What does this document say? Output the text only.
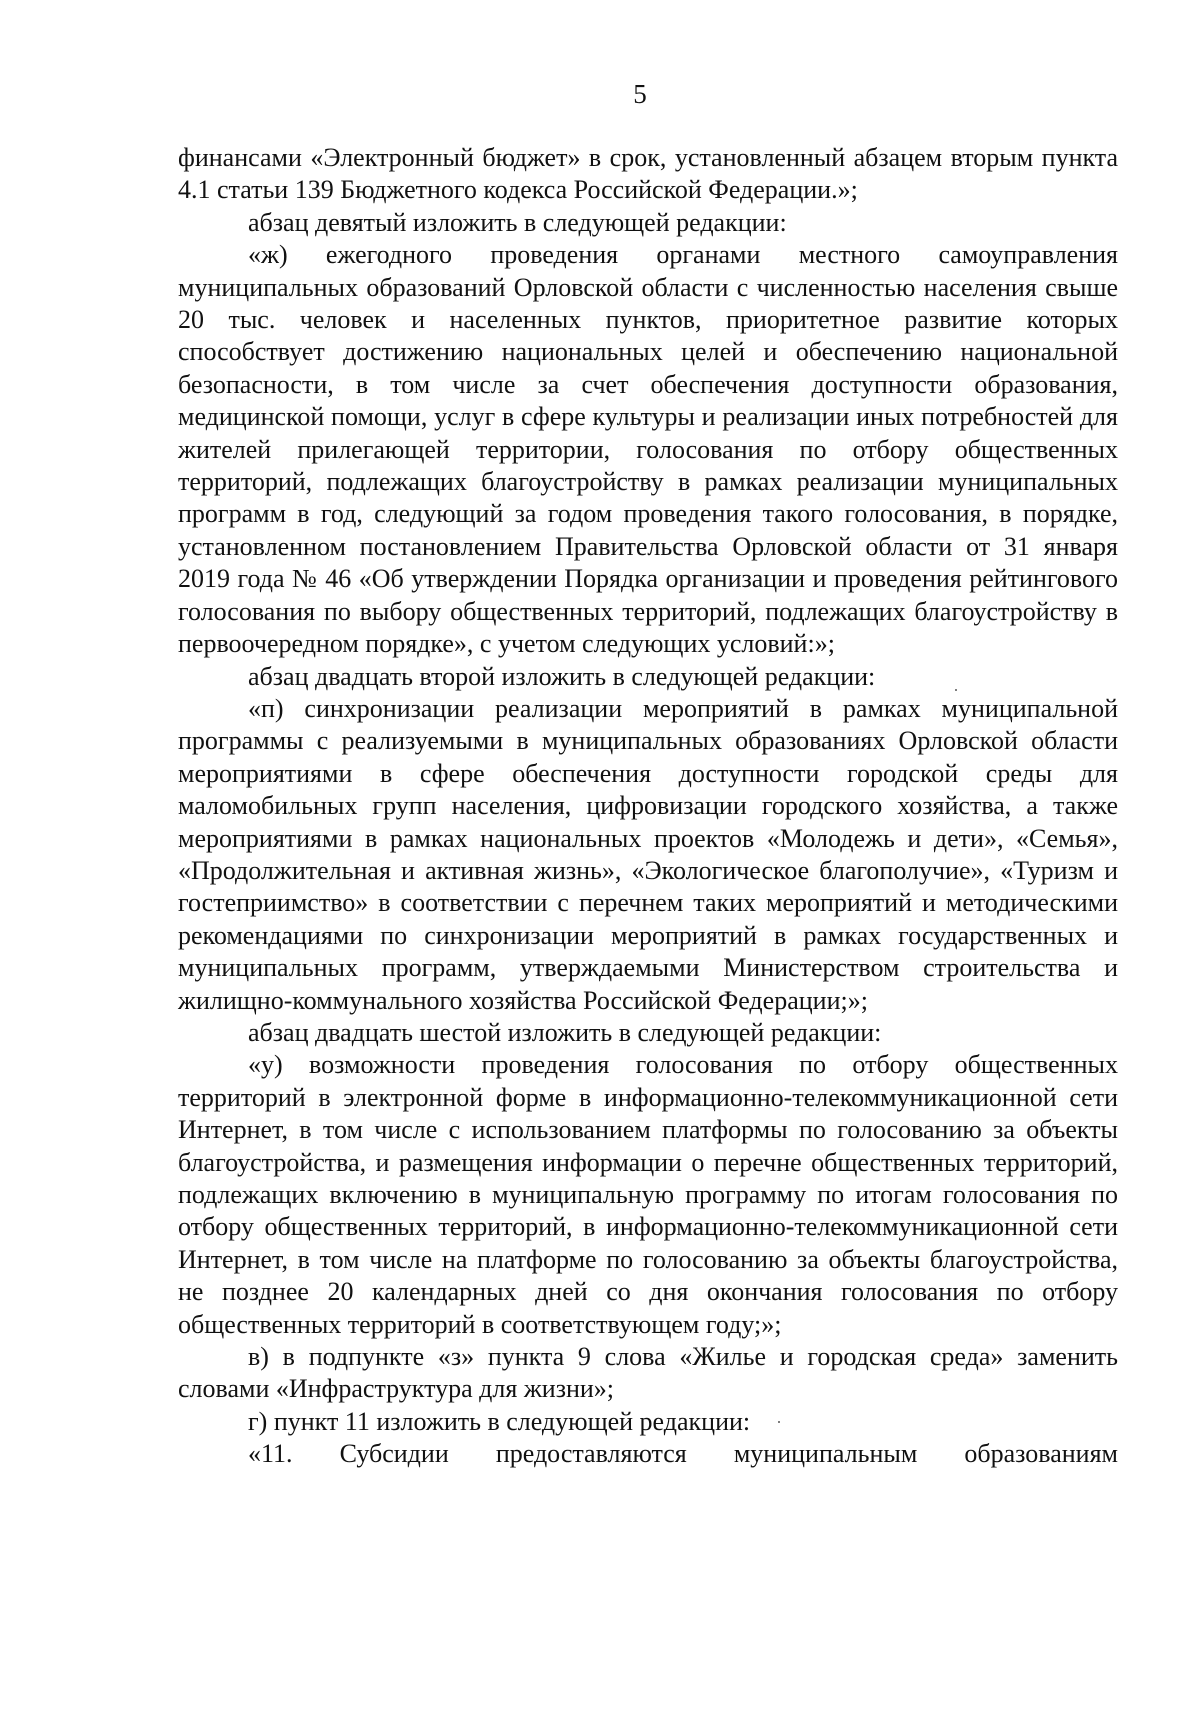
5

финансами «Электронный бюджет» в срок, установленный абзацем вторым пункта 4.1 статьи 139 Бюджетного кодекса Российской Федерации.»;

абзац девятый изложить в следующей редакции:

«ж) ежегодного проведения органами местного самоуправления муниципальных образований Орловской области с численностью населения свыше 20 тыс. человек и населенных пунктов, приоритетное развитие которых способствует достижению национальных целей и обеспечению национальной безопасности, в том числе за счет обеспечения доступности образования, медицинской помощи, услуг в сфере культуры и реализации иных потребностей для жителей прилегающей территории, голосования по отбору общественных территорий, подлежащих благоустройству в рамках реализации муниципальных программ в год, следующий за годом проведения такого голосования, в порядке, установленном постановлением Правительства Орловской области от 31 января 2019 года № 46 «Об утверждении Порядка организации и проведения рейтингового голосования по выбору общественных территорий, подлежащих благоустройству в первоочередном порядке», с учетом следующих условий:»;

абзац двадцать второй изложить в следующей редакции:

«п) синхронизации реализации мероприятий в рамках муниципальной программы с реализуемыми в муниципальных образованиях Орловской области мероприятиями в сфере обеспечения доступности городской среды для маломобильных групп населения, цифровизации городского хозяйства, а также мероприятиями в рамках национальных проектов «Молодежь и дети», «Семья», «Продолжительная и активная жизнь», «Экологическое благополучие», «Туризм и гостеприимство» в соответствии с перечнем таких мероприятий и методическими рекомендациями по синхронизации мероприятий в рамках государственных и муниципальных программ, утверждаемыми Министерством строительства и жилищно-коммунального хозяйства Российской Федерации;»;

абзац двадцать шестой изложить в следующей редакции:

«у) возможности проведения голосования по отбору общественных территорий в электронной форме в информационно-телекоммуникационной сети Интернет, в том числе с использованием платформы по голосованию за объекты благоустройства, и размещения информации о перечне общественных территорий, подлежащих включению в муниципальную программу по итогам голосования по отбору общественных территорий, в информационно-телекоммуникационной сети Интернет, в том числе на платформе по голосованию за объекты благоустройства, не позднее 20 календарных дней со дня окончания голосования по отбору общественных территорий в соответствующем году;»;

в) в подпункте «з» пункта 9 слова «Жилье и городская среда» заменить словами «Инфраструктура для жизни»;

г) пункт 11 изложить в следующей редакции:

«11. Субсидии предоставляются муниципальным образованиям
